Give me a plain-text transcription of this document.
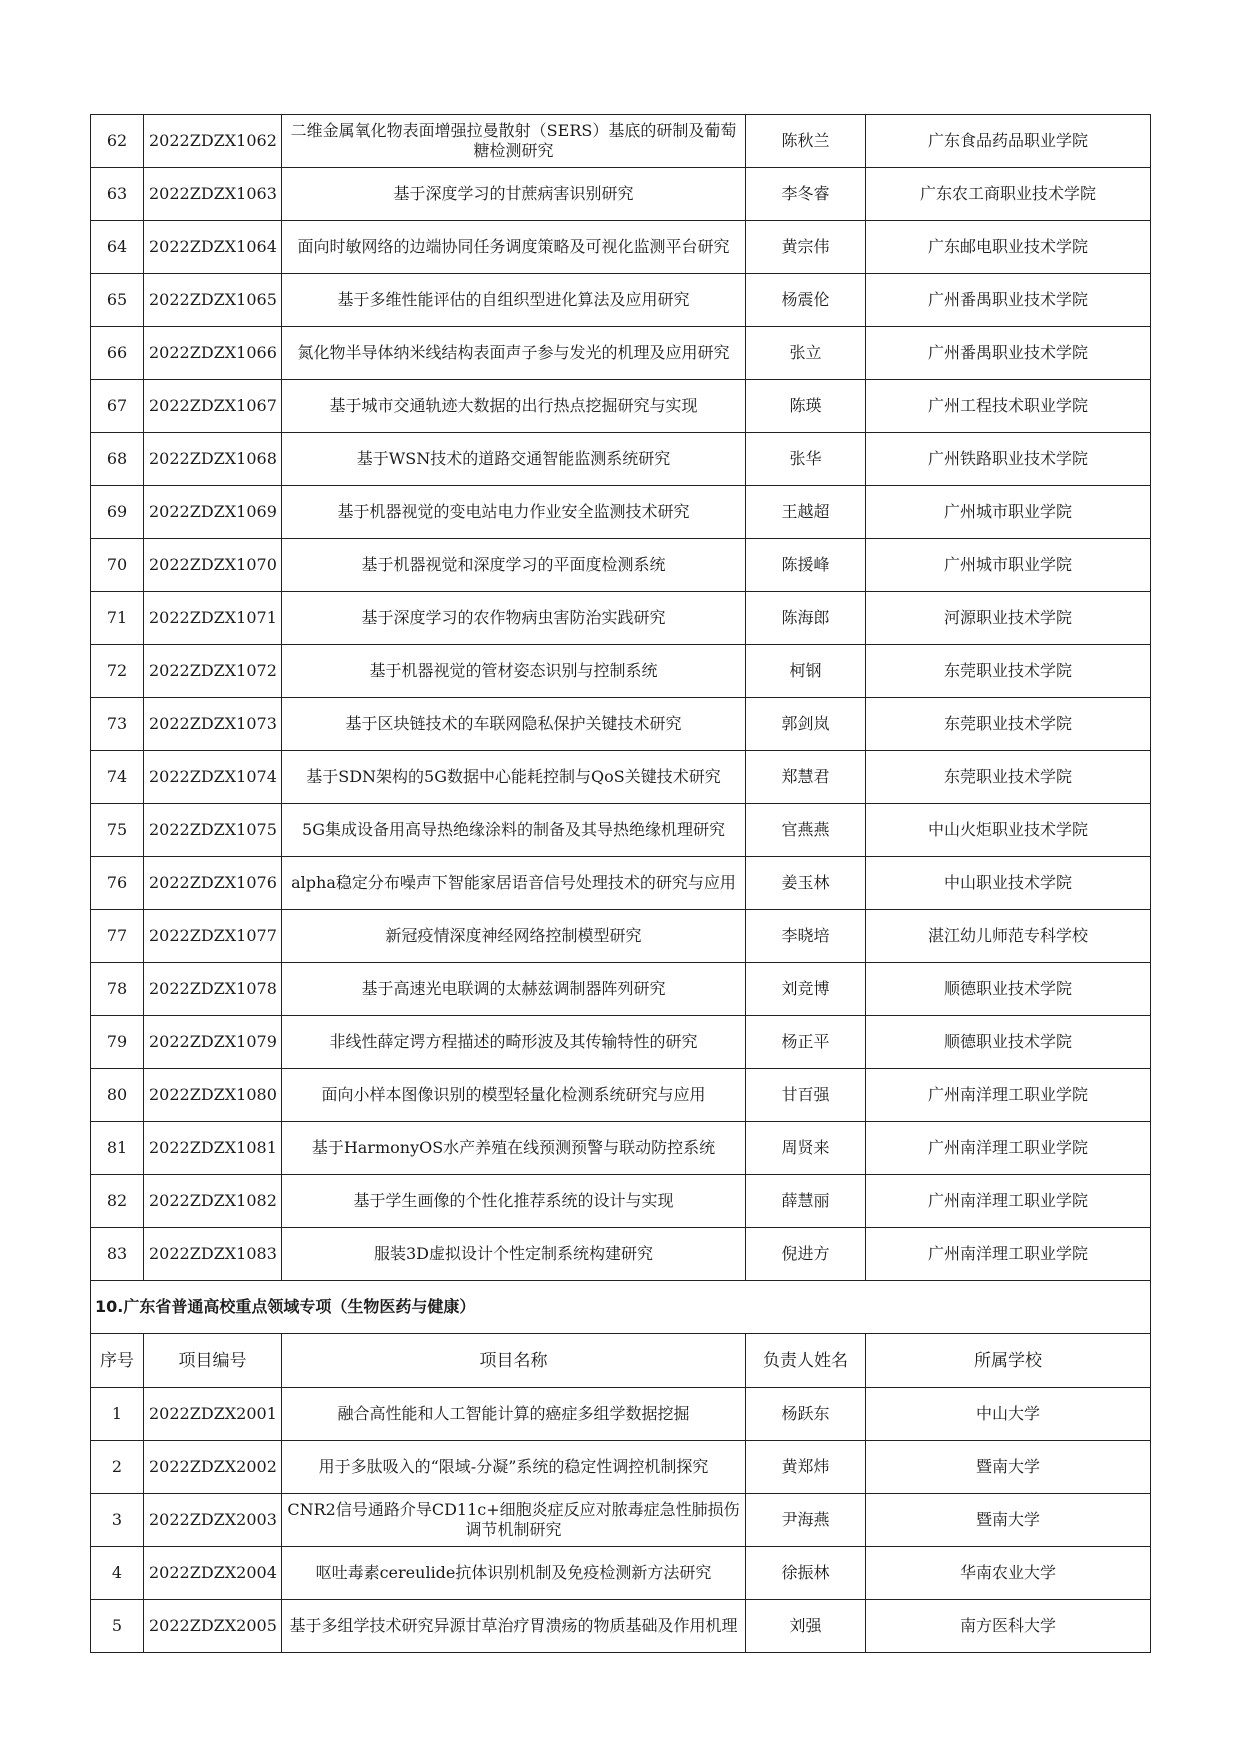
62	2022ZDZX1062	二维金属氧化物表面增强拉曼散射（SERS）基底的研制及葡萄糖检测研究	陈秋兰	广东食品药品职业学院
63	2022ZDZX1063	基于深度学习的甘蔗病害识别研究	李冬睿	广东农工商职业技术学院
64	2022ZDZX1064	面向时敏网络的边端协同任务调度策略及可视化监测平台研究	黄宗伟	广东邮电职业技术学院
65	2022ZDZX1065	基于多维性能评估的自组织型进化算法及应用研究	杨震伦	广州番禺职业技术学院
66	2022ZDZX1066	氮化物半导体纳米线结构表面声子参与发光的机理及应用研究	张立	广州番禺职业技术学院
67	2022ZDZX1067	基于城市交通轨迹大数据的出行热点挖掘研究与实现	陈瑛	广州工程技术职业学院
68	2022ZDZX1068	基于WSN技术的道路交通智能监测系统研究	张华	广州铁路职业技术学院
69	2022ZDZX1069	基于机器视觉的变电站电力作业安全监测技术研究	王越超	广州城市职业学院
70	2022ZDZX1070	基于机器视觉和深度学习的平面度检测系统	陈援峰	广州城市职业学院
71	2022ZDZX1071	基于深度学习的农作物病虫害防治实践研究	陈海郎	河源职业技术学院
72	2022ZDZX1072	基于机器视觉的管材姿态识别与控制系统	柯钢	东莞职业技术学院
73	2022ZDZX1073	基于区块链技术的车联网隐私保护关键技术研究	郭剑岚	东莞职业技术学院
74	2022ZDZX1074	基于SDN架构的5G数据中心能耗控制与QoS关键技术研究	郑慧君	东莞职业技术学院
75	2022ZDZX1075	5G集成设备用高导热绝缘涂料的制备及其导热绝缘机理研究	官燕燕	中山火炬职业技术学院
76	2022ZDZX1076	alpha稳定分布噪声下智能家居语音信号处理技术的研究与应用	姜玉林	中山职业技术学院
77	2022ZDZX1077	新冠疫情深度神经网络控制模型研究	李晓培	湛江幼儿师范专科学校
78	2022ZDZX1078	基于高速光电联调的太赫兹调制器阵列研究	刘竞博	顺德职业技术学院
79	2022ZDZX1079	非线性薛定谔方程描述的畸形波及其传输特性的研究	杨正平	顺德职业技术学院
80	2022ZDZX1080	面向小样本图像识别的模型轻量化检测系统研究与应用	甘百强	广州南洋理工职业学院
81	2022ZDZX1081	基于HarmonyOS水产养殖在线预测预警与联动防控系统	周贤来	广州南洋理工职业学院
82	2022ZDZX1082	基于学生画像的个性化推荐系统的设计与实现	薛慧丽	广州南洋理工职业学院
83	2022ZDZX1083	服装3D虚拟设计个性定制系统构建研究	倪进方	广州南洋理工职业学院
10.广东省普通高校重点领域专项（生物医药与健康）				
序号	项目编号	项目名称	负责人姓名	所属学校
1	2022ZDZX2001	融合高性能和人工智能计算的癌症多组学数据挖掘	杨跃东	中山大学
2	2022ZDZX2002	用于多肽吸入的“限域-分凝”系统的稳定性调控机制探究	黄郑炜	暨南大学
3	2022ZDZX2003	CNR2信号通路介导CD11c+细胞炎症反应对脓毒症急性肺损伤调节机制研究	尹海燕	暨南大学
4	2022ZDZX2004	呕吐毒素cereulide抗体识别机制及免疫检测新方法研究	徐振林	华南农业大学
5	2022ZDZX2005	基于多组学技术研究异源甘草治疗胃溃疡的物质基础及作用机理	刘强	南方医科大学
